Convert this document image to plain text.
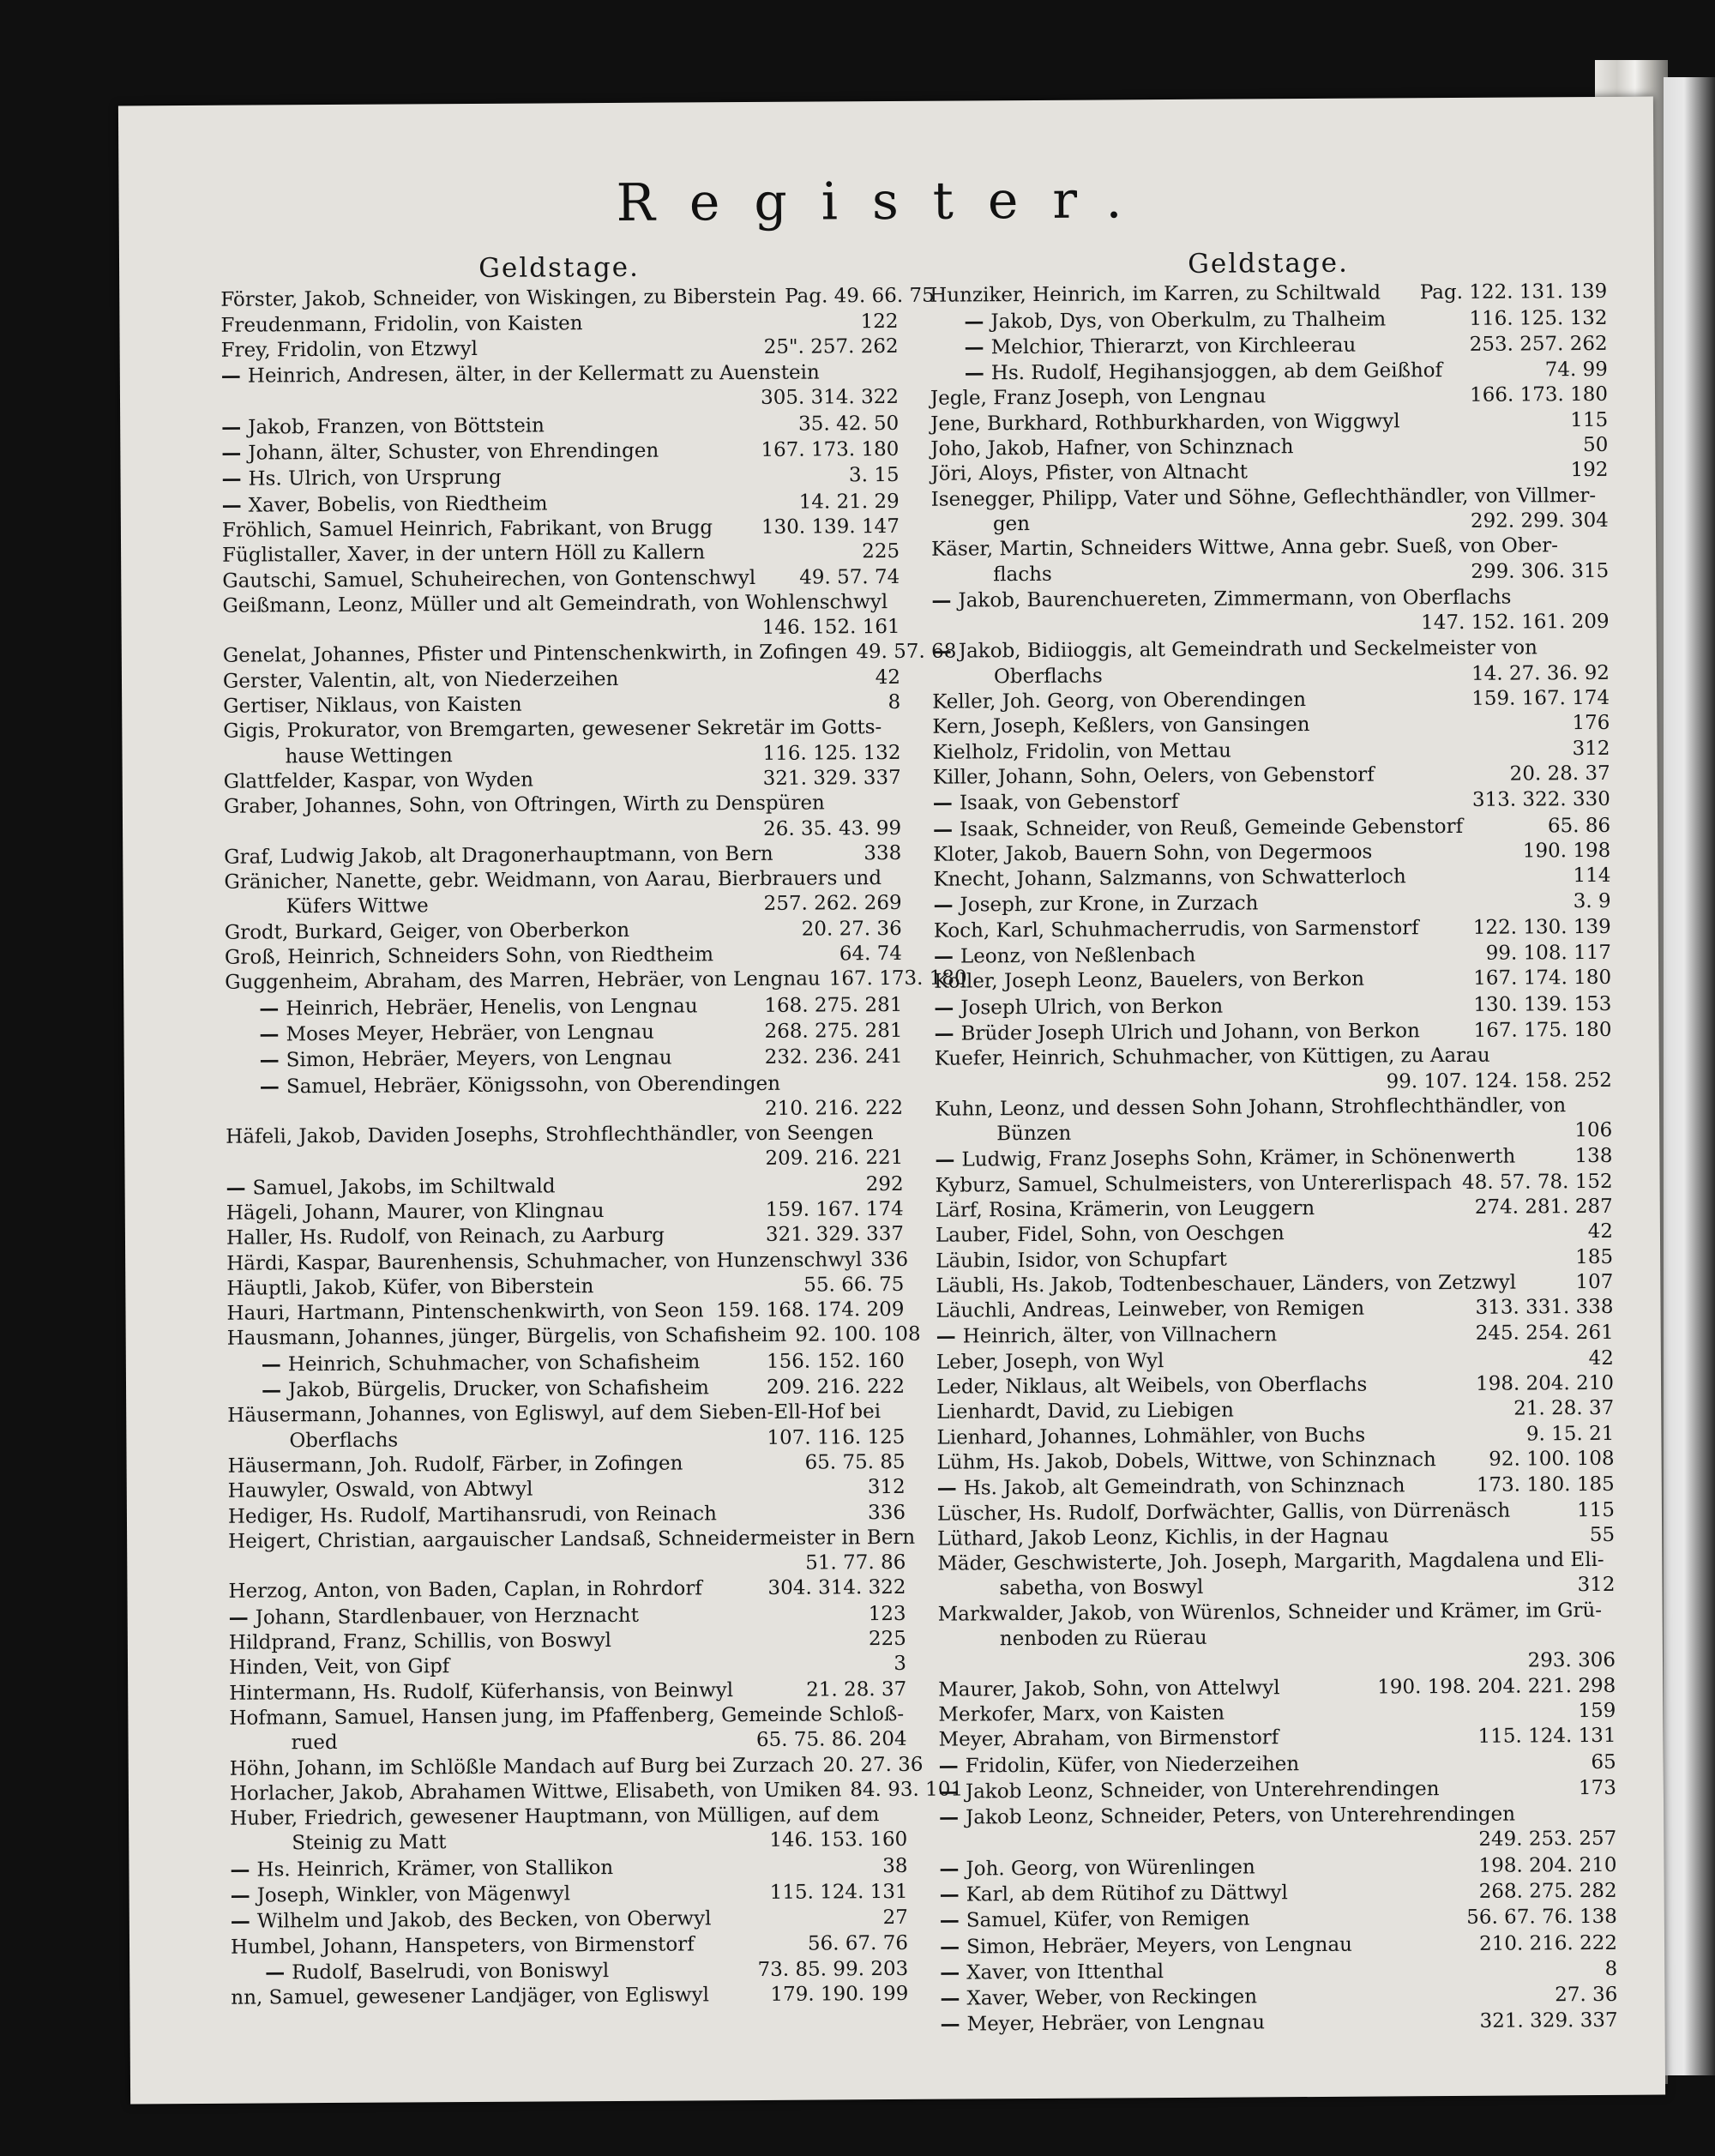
Register.
Geldstage.
Förster, Jakob, Schneider, von Wiskingen, zu Biberstein Pag. 49. 66. 75
Freudenmann, Fridolin, von Kaisten	122
Frey, Fridolin, von Etzwyl	25". 257. 262
— Heinrich, Andresen, älter, in der Kellermatt zu Auenstein
305. 314. 322
— Jakob, Franzen, von Böttstein	35. 42. 50
— Johann, älter, Schuster, von Ehrendingen	167. 173. 180
— Hs. Ulrich, von Ursprung	3. 15
— Xaver, Bobelis, von Riedtheim	14. 21. 29
Fröhlich, Samuel Heinrich, Fabrikant, von Brugg	130. 139. 147
Füglistaller, Xaver, in der untern Höll zu Kallern	225
Gautschi, Samuel, Schuheirechen, von Gontenschwyl	49. 57. 74
Geißmann, Leonz, Müller und alt Gemeindrath, von Wohlenschwyl
146. 152. 161
Genelat, Johannes, Pfister und Pintenschenkwirth, in Zofingen 49. 57. 68
Gerster, Valentin, alt, von Niederzeihen	42
Gertiser, Niklaus, von Kaisten	8
Gigis, Prokurator, von Bremgarten, gewesener Sekretär im Gotts-
hause Wettingen	116. 125. 132
Glattfelder, Kaspar, von Wyden	321. 329. 337
Graber, Johannes, Sohn, von Oftringen, Wirth zu Denspüren
26. 35. 43. 99
Graf, Ludwig Jakob, alt Dragonerhauptmann, von Bern	338
Gränicher, Nanette, gebr. Weidmann, von Aarau, Bierbrauers und
Küfers Wittwe	257. 262. 269
Grodt, Burkard, Geiger, von Oberberkon	20. 27. 36
Groß, Heinrich, Schneiders Sohn, von Riedtheim	64. 74
Guggenheim, Abraham, des Marren, Hebräer, von Lengnau 167. 173. 180
— Heinrich, Hebräer, Henelis, von Lengnau	168. 275. 281
— Moses Meyer, Hebräer, von Lengnau	268. 275. 281
— Simon, Hebräer, Meyers, von Lengnau	232. 236. 241
— Samuel, Hebräer, Königssohn, von Oberendingen
210. 216. 222
Häfeli, Jakob, Daviden Josephs, Strohflechthändler, von Seengen
209. 216. 221
— Samuel, Jakobs, im Schiltwald	292
Hägeli, Johann, Maurer, von Klingnau	159. 167. 174
Haller, Hs. Rudolf, von Reinach, zu Aarburg	321. 329. 337
Härdi, Kaspar, Baurenhensis, Schuhmacher, von Hunzenschwyl 336
Häuptli, Jakob, Küfer, von Biberstein	55. 66. 75
Hauri, Hartmann, Pintenschenkwirth, von Seon 159. 168. 174. 209
Hausmann, Johannes, jünger, Bürgelis, von Schafisheim 92. 100. 108
— Heinrich, Schuhmacher, von Schafisheim	156. 152. 160
— Jakob, Bürgelis, Drucker, von Schafisheim	209. 216. 222
Häusermann, Johannes, von Egliswyl, auf dem Sieben-Ell-Hof bei
Oberflachs	107. 116. 125
Häusermann, Joh. Rudolf, Färber, in Zofingen	65. 75. 85
Hauwyler, Oswald, von Abtwyl	312
Hediger, Hs. Rudolf, Martihansrudi, von Reinach	336
Heigert, Christian, aargauischer Landsaß, Schneidermeister in Bern
51. 77. 86
Herzog, Anton, von Baden, Caplan, in Rohrdorf	304. 314. 322
— Johann, Stardlenbauer, von Herznacht	123
Hildprand, Franz, Schillis, von Boswyl	225
Hinden, Veit, von Gipf	3
Hintermann, Hs. Rudolf, Küferhansis, von Beinwyl	21. 28. 37
Hofmann, Samuel, Hansen jung, im Pfaffenberg, Gemeinde Schloß-
rued	65. 75. 86. 204
Höhn, Johann, im Schlößle Mandach auf Burg bei Zurzach 20. 27. 36
Horlacher, Jakob, Abrahamen Wittwe, Elisabeth, von Umiken 84. 93. 101
Huber, Friedrich, gewesener Hauptmann, von Mülligen, auf dem
Steinig zu Matt	146. 153. 160
— Hs. Heinrich, Krämer, von Stallikon	38
— Joseph, Winkler, von Mägenwyl	115. 124. 131
— Wilhelm und Jakob, des Becken, von Oberwyl	27
Humbel, Johann, Hanspeters, von Birmenstorf	56. 67. 76
— Rudolf, Baselrudi, von Boniswyl	73. 85. 99. 203
nn, Samuel, gewesener Landjäger, von Egliswyl	179. 190. 199
Geldstage.
Hunziker, Heinrich, im Karren, zu Schiltwald	Pag. 122. 131. 139
— Jakob, Dys, von Oberkulm, zu Thalheim	116. 125. 132
— Melchior, Thierarzt, von Kirchleerau	253. 257. 262
— Hs. Rudolf, Hegihansjoggen, ab dem Geißhof	74. 99
Jegle, Franz Joseph, von Lengnau	166. 173. 180
Jene, Burkhard, Rothburkharden, von Wiggwyl	115
Joho, Jakob, Hafner, von Schinznach	50
Jöri, Aloys, Pfister, von Altnacht	192
Isenegger, Philipp, Vater und Söhne, Geflechthändler, von Villmer-
gen	292. 299. 304
Käser, Martin, Schneiders Wittwe, Anna gebr. Sueß, von Ober-
flachs	299. 306. 315
— Jakob, Baurenchuereten, Zimmermann, von Oberflachs
147. 152. 161. 209
— Jakob, Bidiioggis, alt Gemeindrath und Seckelmeister von
Oberflachs	14. 27. 36. 92
Keller, Joh. Georg, von Oberendingen	159. 167. 174
Kern, Joseph, Keßlers, von Gansingen	176
Kielholz, Fridolin, von Mettau	312
Killer, Johann, Sohn, Oelers, von Gebenstorf	20. 28. 37
— Isaak, von Gebenstorf	313. 322. 330
— Isaak, Schneider, von Reuß, Gemeinde Gebenstorf	65. 86
Kloter, Jakob, Bauern Sohn, von Degermoos	190. 198
Knecht, Johann, Salzmanns, von Schwatterloch	114
— Joseph, zur Krone, in Zurzach	3. 9
Koch, Karl, Schuhmacherrudis, von Sarmenstorf	122. 130. 139
— Leonz, von Neßlenbach	99. 108. 117
Koller, Joseph Leonz, Bauelers, von Berkon	167. 174. 180
— Joseph Ulrich, von Berkon	130. 139. 153
— Brüder Joseph Ulrich und Johann, von Berkon	167. 175. 180
Kuefer, Heinrich, Schuhmacher, von Küttigen, zu Aarau
99. 107. 124. 158. 252
Kuhn, Leonz, und dessen Sohn Johann, Strohflechthändler, von
Bünzen	106
— Ludwig, Franz Josephs Sohn, Krämer, in Schönenwerth	138
Kyburz, Samuel, Schulmeisters, von Untererlispach 48. 57. 78. 152
Lärf, Rosina, Krämerin, von Leuggern	274. 281. 287
Lauber, Fidel, Sohn, von Oeschgen	42
Läubin, Isidor, von Schupfart	185
Läubli, Hs. Jakob, Todtenbeschauer, Länders, von Zetzwyl	107
Läuchli, Andreas, Leinweber, von Remigen	313. 331. 338
— Heinrich, älter, von Villnachern	245. 254. 261
Leber, Joseph, von Wyl	42
Leder, Niklaus, alt Weibels, von Oberflachs	198. 204. 210
Lienhardt, David, zu Liebigen	21. 28. 37
Lienhard, Johannes, Lohmähler, von Buchs	9. 15. 21
Lühm, Hs. Jakob, Dobels, Wittwe, von Schinznach	92. 100. 108
— Hs. Jakob, alt Gemeindrath, von Schinznach	173. 180. 185
Lüscher, Hs. Rudolf, Dorfwächter, Gallis, von Dürrenäsch	115
Lüthard, Jakob Leonz, Kichlis, in der Hagnau	55
Mäder, Geschwisterte, Joh. Joseph, Margarith, Magdalena und Eli-
sabetha, von Boswyl	312
Markwalder, Jakob, von Würenlos, Schneider und Krämer, im Grü-
nenboden zu Rüerau
293. 306
Maurer, Jakob, Sohn, von Attelwyl	190. 198. 204. 221. 298
Merkofer, Marx, von Kaisten	159
Meyer, Abraham, von Birmenstorf	115. 124. 131
— Fridolin, Küfer, von Niederzeihen	65
— Jakob Leonz, Schneider, von Unterehrendingen	173
— Jakob Leonz, Schneider, Peters, von Unterehrendingen
249. 253. 257
— Joh. Georg, von Würenlingen	198. 204. 210
— Karl, ab dem Rütihof zu Dättwyl	268. 275. 282
— Samuel, Küfer, von Remigen	56. 67. 76. 138
— Simon, Hebräer, Meyers, von Lengnau	210. 216. 222
— Xaver, von Ittenthal	8
— Xaver, Weber, von Reckingen	27. 36
— Meyer, Hebräer, von Lengnau	321. 329. 337
